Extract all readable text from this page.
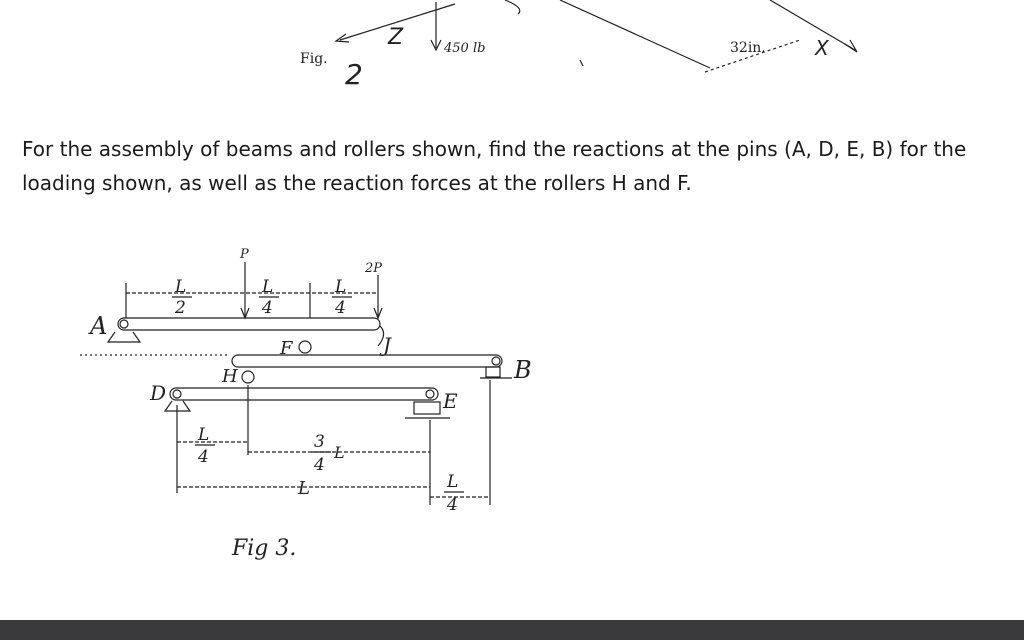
Fig. 2
Z	450 lb	32in. X

For the assembly of beams and rollers shown, find the reactions at the pins (A, D, E, B) for the loading shown, as well as the reaction forces at the rollers H and F.

P
2P
L
2
L
4
L
4
A
J
F
B
H
D	E
L
4
3
4
L
L	L
4
Fig 3.
